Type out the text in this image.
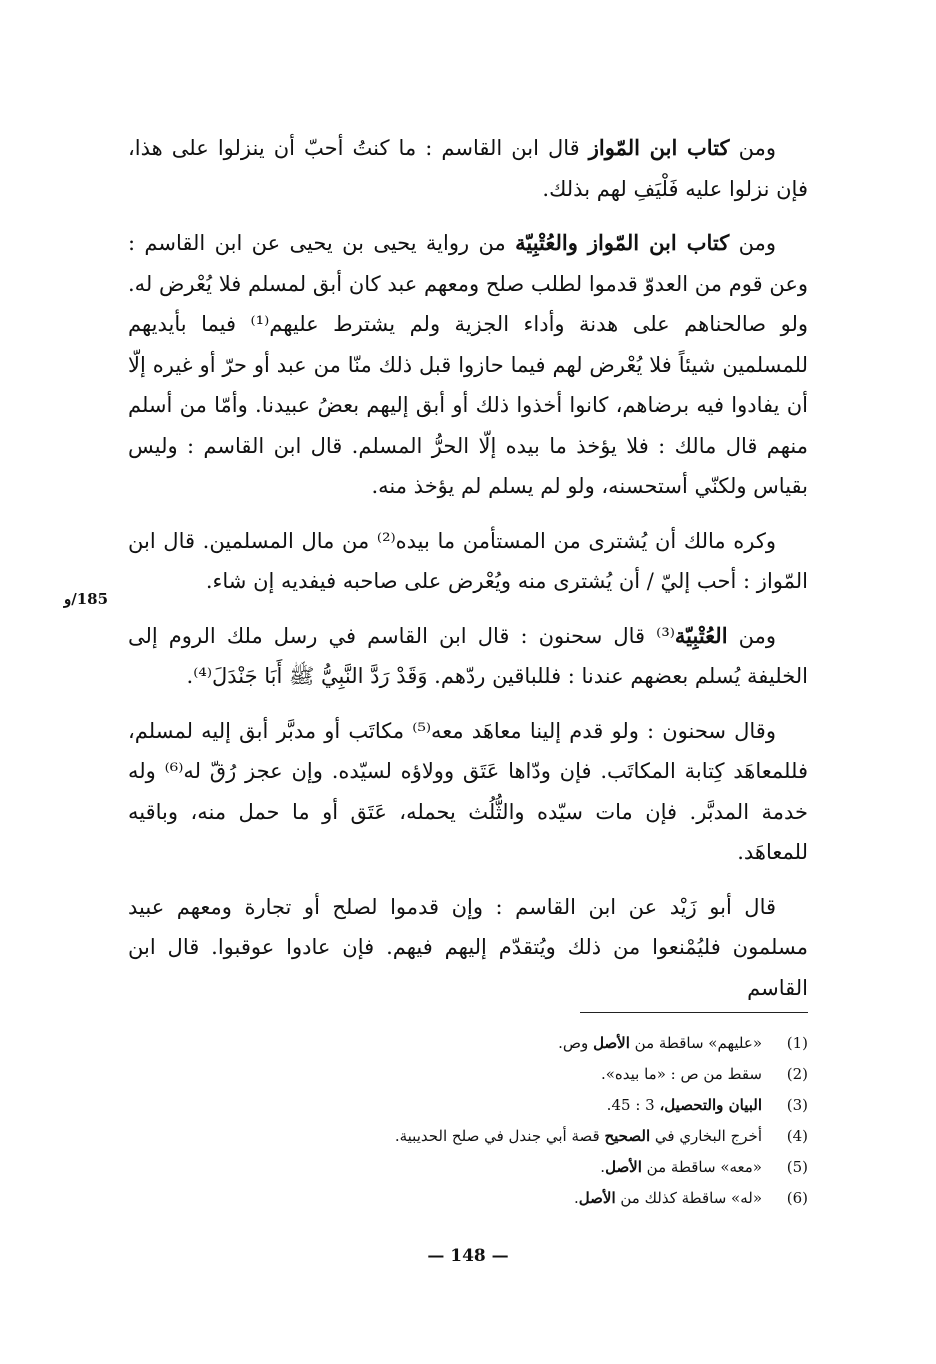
ومن كتاب ابن المّواز قال ابن القاسم : ما كنتُ أحبّ أن ينزلوا على هذا، فإن نزلوا عليه فَلْيَفِ لهم بذلك.

ومن كتاب ابن المّواز والعُتْبِيّة من رواية يحيى بن يحيى عن ابن القاسم : وعن قوم من العدوّ قدموا لطلب صلح ومعهم عبد كان أبق لمسلم فلا يُعْرض له. ولو صالحناهم على هدنة وأداء الجزية ولم يشترط عليهم⁽¹⁾ فيما بأيديهم للمسلمين شيئاً فلا يُعْرض لهم فيما حازوا قبل ذلك منّا من عبد أو حرّ أو غيره إلّا أن يفادوا فيه برضاهم، كانوا أخذوا ذلك أو أبق إليهم بعضُ عبيدنا. وأمّا من أسلم منهم قال مالك : فلا يؤخذ ما بيده إلّا الحرُّ المسلم. قال ابن القاسم : وليس بقياس ولكنّي أستحسنه، ولو لم يسلم لم يؤخذ منه.

وكره مالك أن يُشترى من المستأمن ما بيده⁽²⁾ من مال المسلمين. قال ابن المّواز : أحب إليّ / أن يُشترى منه ويُعْرض على صاحبه فيفديه إن شاء.

ومن العُتْبِيّة⁽³⁾ قال سحنون : قال ابن القاسم في رسل ملك الروم إلى الخليفة يُسلم بعضهم عندنا : فللباقين ردّهم. وَقَدْ رَدَّ النَّبِيُّ ﷺ أَبَا جَنْدَلَ⁽⁴⁾.

وقال سحنون : ولو قدم إلينا معاهَد معه⁽⁵⁾ مكاتَب أو مدبَّر أبق إليه لمسلم، فللمعاهَد كِتابة المكاتَب. فإن ودّاها عَتَق وولاؤه لسيّده. وإن عجز رُقّ له⁽⁶⁾ وله خدمة المدبَّر. فإن مات سيّده والثُّلُث يحمله، عَتَق أو ما حمل منه، وباقيه للمعاهَد.

قال أبو زَيْد عن ابن القاسم : وإن قدموا لصلح أو تجارة ومعهم عبيد مسلمون فليُمْنعوا من ذلك ويُتقدّم إليهم فيهم. فإن عادوا عوقبوا. قال ابن القاسم

185/و
(1)
«عليهم» ساقطة من الأصل وص.
(2)
سقط من ص : «ما بيده».
(3)
البيان والتحصيل، 3 : 45.
(4)
أخرج البخاري في الصحيح قصة أبي جندل في صلح الحديبية.
(5)
«معه» ساقطة من الأصل.
(6)
«له» ساقطة كذلك من الأصل.
— 148 —
